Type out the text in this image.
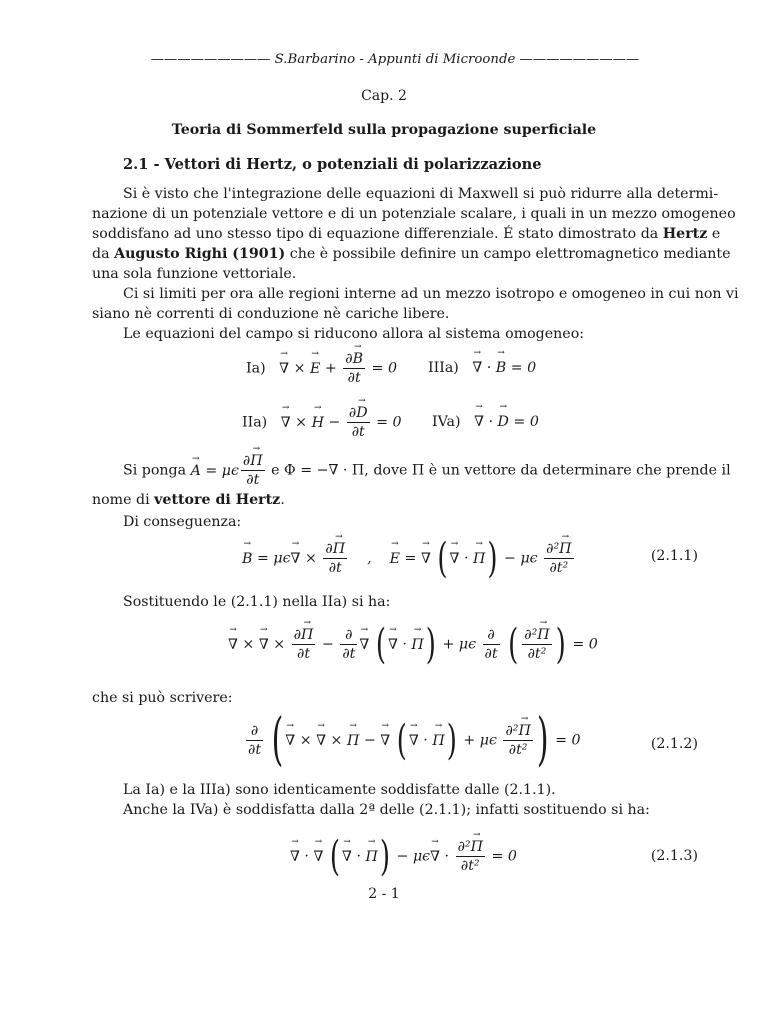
————————— S.Barbarino - Appunti di Microonde —————————
Cap. 2
Teoria di Sommerfeld sulla propagazione superficiale
2.1 - Vettori di Hertz, o potenziali di polarizzazione

Si è visto che l'integrazione delle equazioni di Maxwell si può ridurre alla determi-

nazione di un potenziale vettore e di un potenziale scalare, i quali in un mezzo omogeneo
soddisfano ad uno stesso tipo di equazione differenziale. É stato dimostrato da Hertz e
da Augusto Righi (1901) che è possibile definire un campo elettromagnetico mediante
una sola funzione vettoriale.

Ci si limiti per ora alle regioni interne ad un mezzo isotropo e omogeneo in cui non vi

siano nè correnti di conduzione nè cariche libere.

Le equazioni del campo si riducono allora al sistema omogeneo:

Ia) → ∇ × → $E + \frac{\partial\to B}{\partial t} = 0$ IIIa) → ∇ · → B = 0
IIa) → ∇ × → $H - \frac{\partial\to D}{\partial t} = 0$ IVa) → ∇ · → D = 0
Si ponga → A = μϵ $\frac{\partial\to \Pi}{\partial t}$ e Φ = −∇ · Π, dove Π è un vettore da determinare che prende il
nome di vettore di Hertz.
Di conseguenza:
→ B = μϵ→ ∇ × $\frac{\partial\to \Pi}{\partial t}$ ,    → E = → ∇ ( → ∇ · → Π) − μϵ $\frac{\text{∂²→ Π}}{\text{∂t²}}$	(2.1.1)
Sostituendo le (2.1.1) nella IIa) si ha:
→ ∇ × → ∇ × $\frac{\partial\to \Pi}{\partial t} - \frac{\partial}{\partial t}$ → ∇ ( → ∇ · → Π) + μϵ $\frac{\partial}{\partial t}$ ( $\frac{\text{∂²→ Π}}{\text{∂t²}}$ ) = 0
che si può scrivere:
$\frac{\partial}{\partial t}$ ( → ∇ × → ∇ × → Π − → ∇ ( → ∇ · → Π) + μϵ $\frac{\text{∂²→ Π}}{\text{∂t²}}$ ) = 0	(2.1.2)
La Ia) e la IIIa) sono identicamente soddisfatte dalle (2.1.1).
Anche la IVa) è soddisfatta dalla 2ª delle (2.1.1); infatti sostituendo si ha:
→ ∇ · → ∇ ( → ∇ · → Π) − μϵ→ ∇ · $\frac{\text{∂²→ Π}}{\text{∂t²}} = 0$	(2.1.3)
2 - 1
